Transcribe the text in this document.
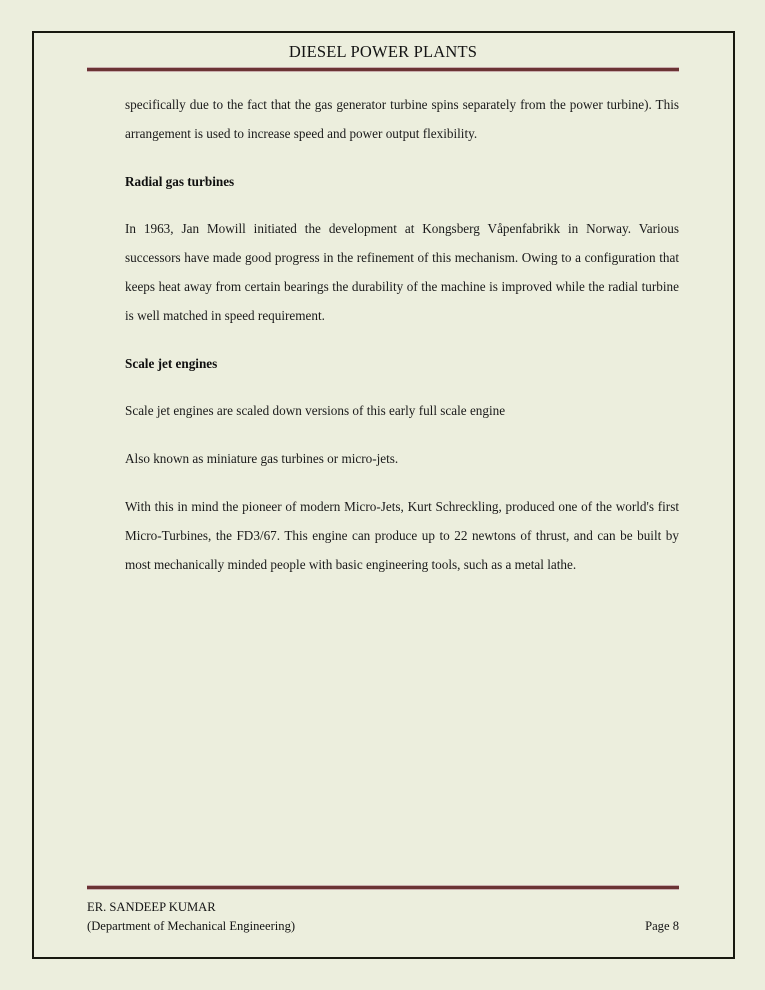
DIESEL POWER PLANTS

specifically due to the fact that the gas generator turbine spins separately from the power turbine). This arrangement is used to increase speed and power output flexibility.

Radial gas turbines

In 1963, Jan Mowill initiated the development at Kongsberg Våpenfabrikk in Norway. Various successors have made good progress in the refinement of this mechanism. Owing to a configuration that keeps heat away from certain bearings the durability of the machine is improved while the radial turbine is well matched in speed requirement.

Scale jet engines

Scale jet engines are scaled down versions of this early full scale engine

Also known as miniature gas turbines or micro-jets.

With this in mind the pioneer of modern Micro-Jets, Kurt Schreckling, produced one of the world's first Micro-Turbines, the FD3/67. This engine can produce up to 22 newtons of thrust, and can be built by most mechanically minded people with basic engineering tools, such as a metal lathe.

ER. SANDEEP KUMAR
(Department of Mechanical Engineering)	Page 8
